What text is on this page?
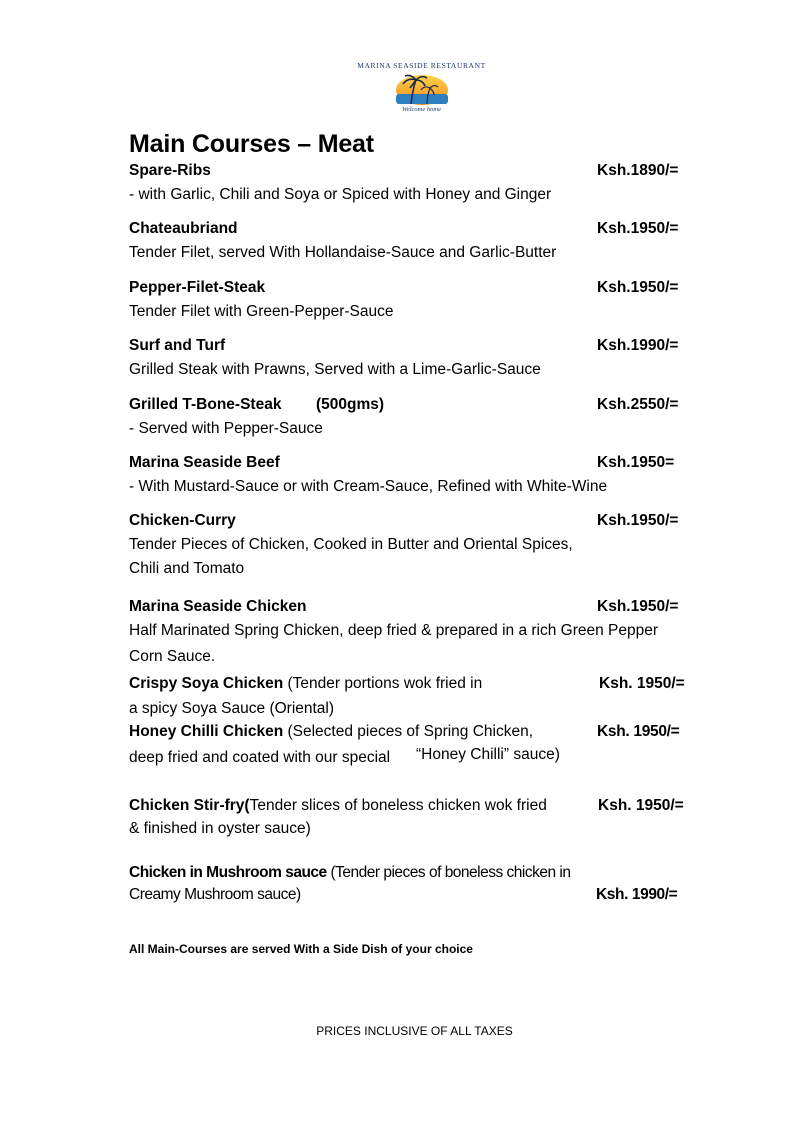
MARINA SEASIDE RESTAURANT
Welcome home
Main Courses – Meat
Spare-Ribs	Ksh.1890/=
- with Garlic, Chili and Soya or Spiced with Honey and Ginger
Chateaubriand	Ksh.1950/=
Tender Filet, served With Hollandaise-Sauce and Garlic-Butter
Pepper-Filet-Steak	Ksh.1950/=
Tender Filet with Green-Pepper-Sauce
Surf and Turf	Ksh.1990/=
Grilled Steak with Prawns, Served with a Lime-Garlic-Sauce
Grilled T-Bone-Steak (500gms)	Ksh.2550/=
- Served with Pepper-Sauce
Marina Seaside Beef	Ksh.1950=
- With Mustard-Sauce or with Cream-Sauce, Refined with White-Wine
Chicken-Curry	Ksh.1950/=
Tender Pieces of Chicken, Cooked in Butter and Oriental Spices,
Chili and Tomato
Marina Seaside Chicken	Ksh.1950/=
Half Marinated Spring Chicken, deep fried & prepared in a rich Green Pepper
Corn Sauce.
Crispy Soya Chicken (Tender portions wok fried in	Ksh. 1950/=
a spicy Soya Sauce (Oriental)
Honey Chilli Chicken (Selected pieces of Spring Chicken,	Ksh. 1950/=
deep fried and coated with our special “Honey Chilli” sauce)
Chicken Stir-fry(Tender slices of boneless chicken wok fried	Ksh. 1950/=
& finished in oyster sauce)
Chicken in Mushroom sauce (Tender pieces of boneless chicken in
Creamy Mushroom sauce)	Ksh. 1990/=
All Main-Courses are served With a Side Dish of your choice
PRICES INCLUSIVE OF ALL TAXES
